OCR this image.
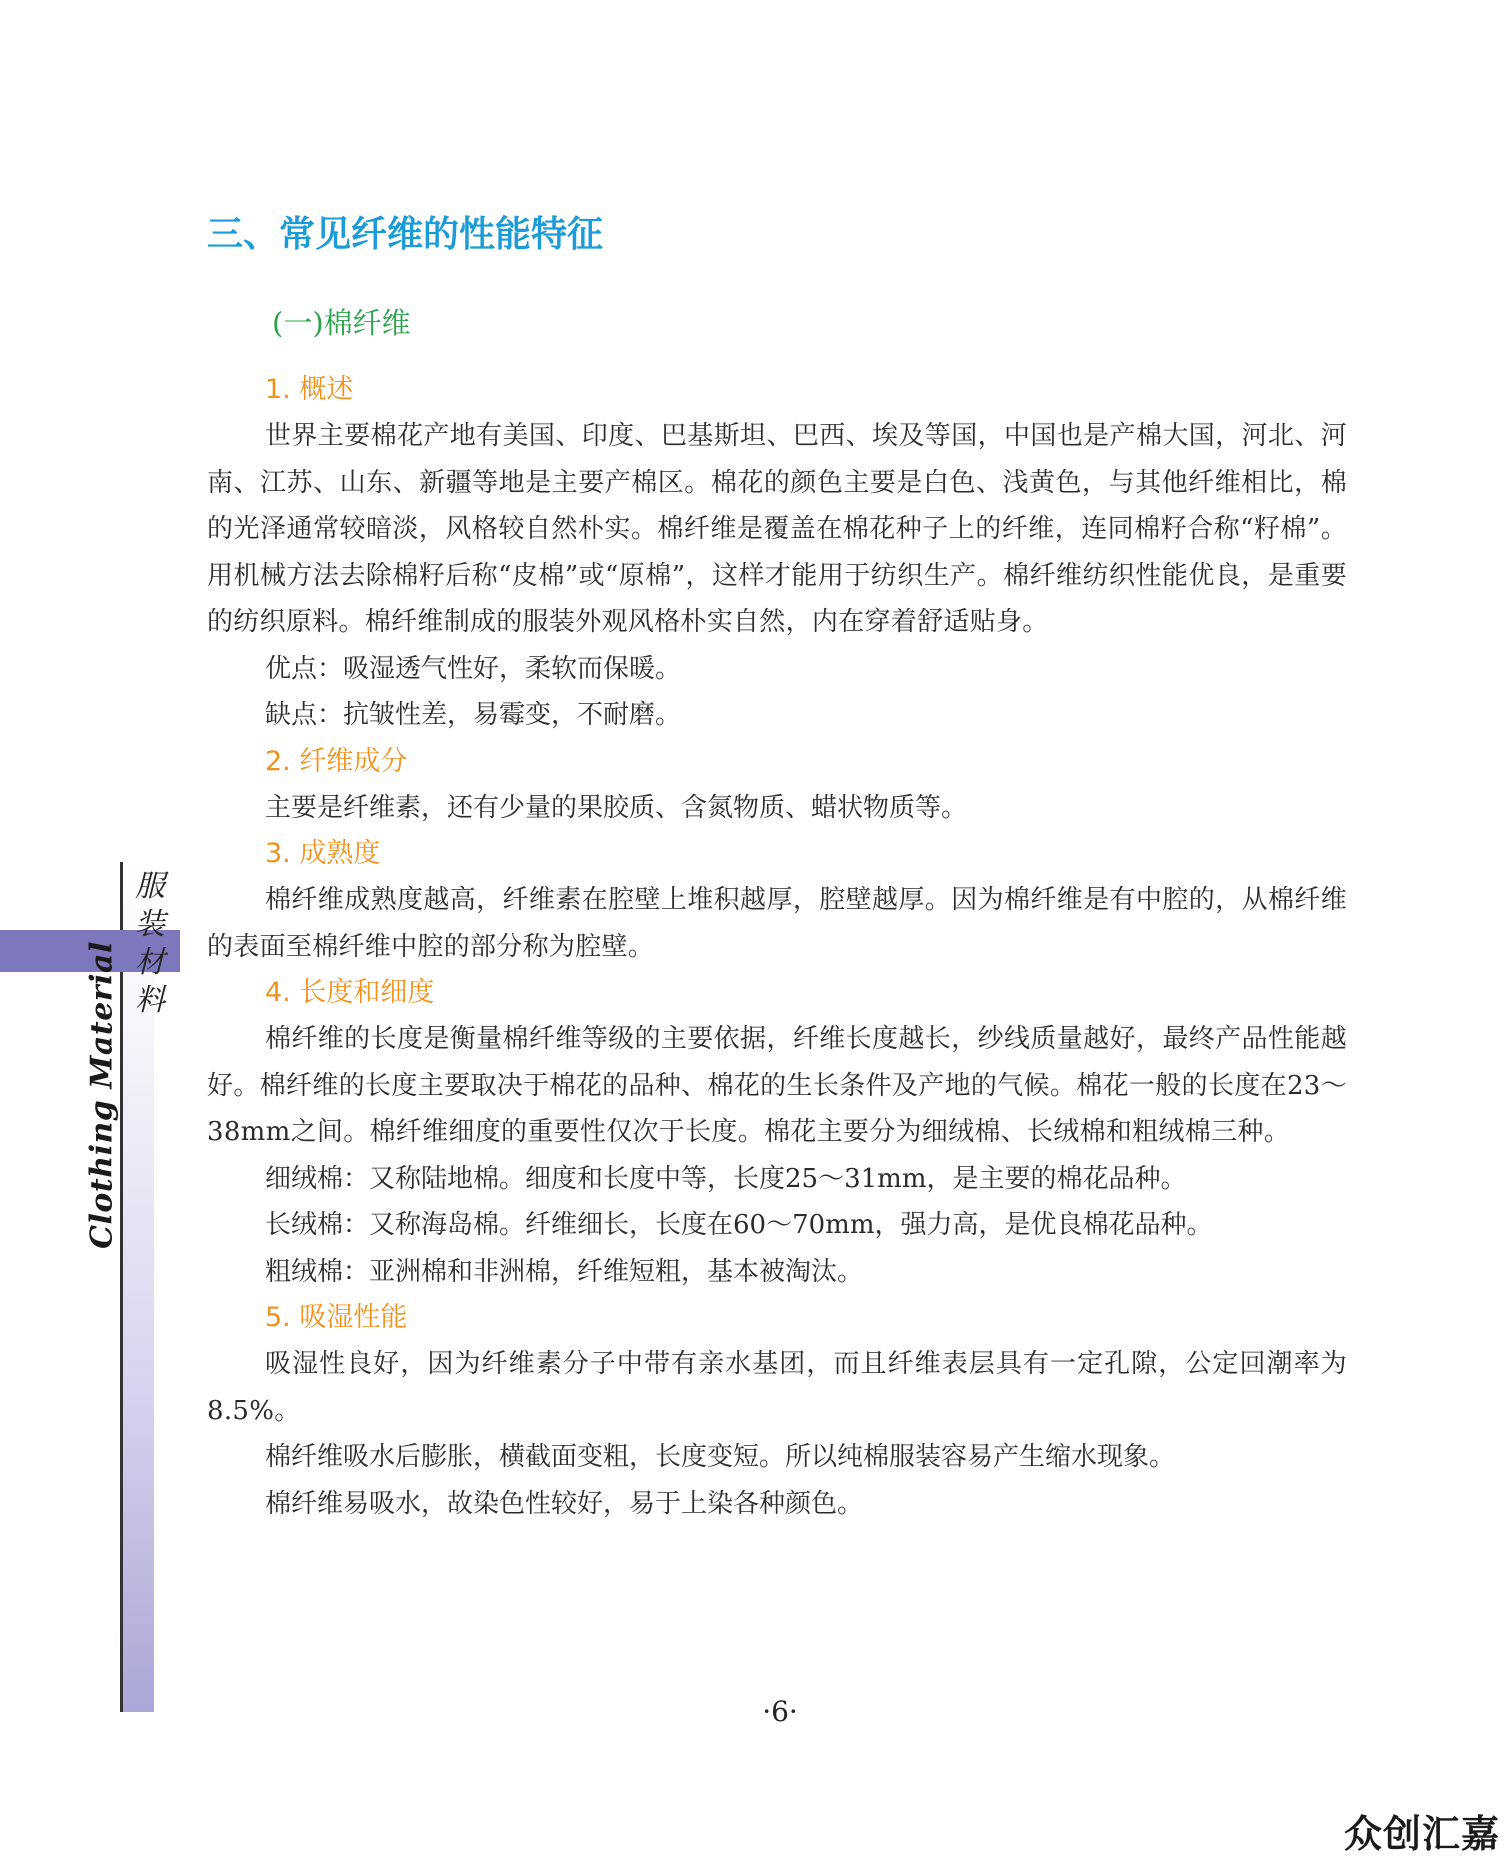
服
装
材
料
Clothing Material
三、常见纤维的性能特征
(一)棉纤维
1. 概述

世界主要棉花产地有美国、印度、巴基斯坦、巴西、埃及等国，中国也是产棉大国，河北、河南、江苏、山东、新疆等地是主要产棉区。棉花的颜色主要是白色、浅黄色，与其他纤维相比，棉的光泽通常较暗淡，风格较自然朴实。棉纤维是覆盖在棉花种子上的纤维，连同棉籽合称“籽棉”。用机械方法去除棉籽后称“皮棉”或“原棉”，这样才能用于纺织生产。棉纤维纺织性能优良，是重要的纺织原料。棉纤维制成的服装外观风格朴实自然，内在穿着舒适贴身。

优点：吸湿透气性好，柔软而保暖。

缺点：抗皱性差，易霉变，不耐磨。

2. 纤维成分

主要是纤维素，还有少量的果胶质、含氮物质、蜡状物质等。

3. 成熟度

棉纤维成熟度越高，纤维素在腔壁上堆积越厚，腔壁越厚。因为棉纤维是有中腔的，从棉纤维的表面至棉纤维中腔的部分称为腔壁。

4. 长度和细度

棉纤维的长度是衡量棉纤维等级的主要依据，纤维长度越长，纱线质量越好，最终产品性能越好。棉纤维的长度主要取决于棉花的品种、棉花的生长条件及产地的气候。棉花一般的长度在23～38mm之间。棉纤维细度的重要性仅次于长度。棉花主要分为细绒棉、长绒棉和粗绒棉三种。

细绒棉：又称陆地棉。细度和长度中等，长度25～31mm，是主要的棉花品种。

长绒棉：又称海岛棉。纤维细长，长度在60～70mm，强力高，是优良棉花品种。

粗绒棉：亚洲棉和非洲棉，纤维短粗，基本被淘汰。

5. 吸湿性能

吸湿性良好，因为纤维素分子中带有亲水基团，而且纤维表层具有一定孔隙，公定回潮率为8.5%。

棉纤维吸水后膨胀，横截面变粗，长度变短。所以纯棉服装容易产生缩水现象。

棉纤维易吸水，故染色性较好，易于上染各种颜色。

·6·
众创汇嘉
